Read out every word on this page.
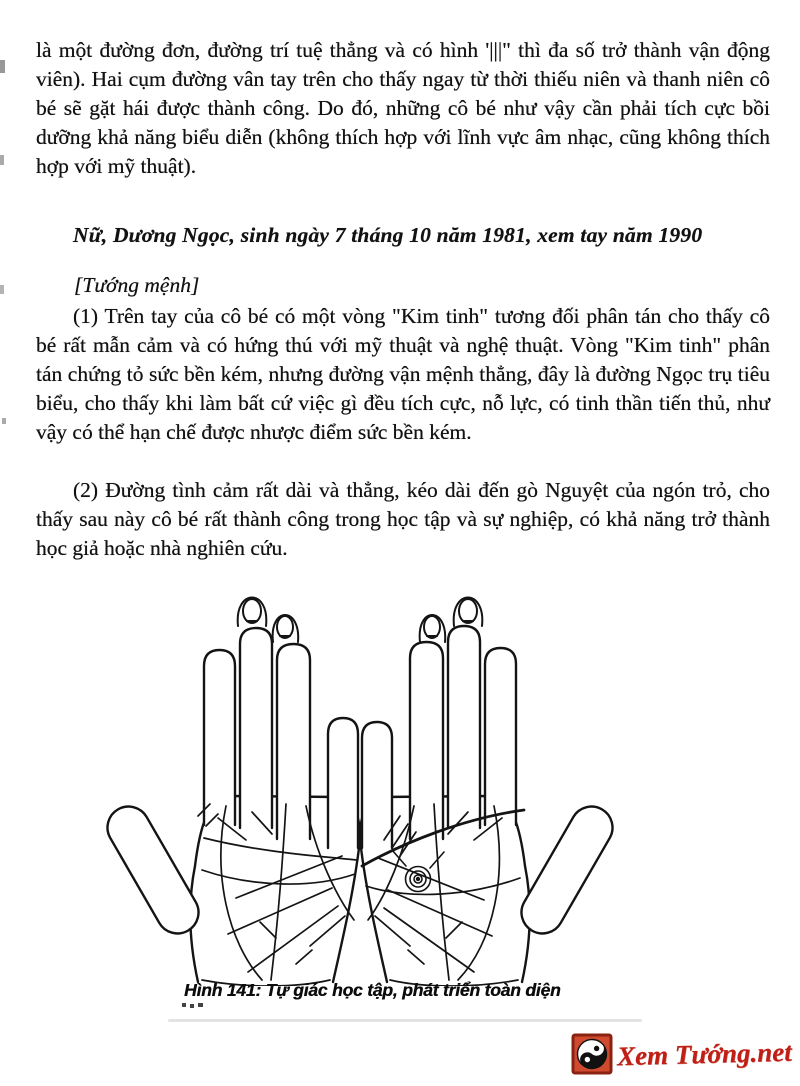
là một đường đơn, đường trí tuệ thẳng và có hình '|||" thì đa số trở thành vận động viên). Hai cụm đường vân tay trên cho thấy ngay từ thời thiếu niên và thanh niên cô bé sẽ gặt hái được thành công. Do đó, những cô bé như vậy cần phải tích cực bồi dưỡng khả năng biểu diễn (không thích hợp với lĩnh vực âm nhạc, cũng không thích hợp với mỹ thuật).

Nữ, Dương Ngọc, sinh ngày 7 tháng 10 năm 1981, xem tay năm 1990

[Tướng mệnh]

(1) Trên tay của cô bé có một vòng "Kim tinh" tương đối phân tán cho thấy cô bé rất mẫn cảm và có hứng thú với mỹ thuật và nghệ thuật. Vòng "Kim tinh" phân tán chứng tỏ sức bền kém, nhưng đường vận mệnh thẳng, đây là đường Ngọc trụ tiêu biểu, cho thấy khi làm bất cứ việc gì đều tích cực, nỗ lực, có tinh thần tiến thủ, như vậy có thể hạn chế được nhược điểm sức bền kém.

(2) Đường tình cảm rất dài và thẳng, kéo dài đến gò Nguyệt của ngón trỏ, cho thấy sau này cô bé rất thành công trong học tập và sự nghiệp, có khả năng trở thành học giả hoặc nhà nghiên cứu.

Hình 141: Tự giác học tập, phát triển toàn diện

Xem Tướng.net
